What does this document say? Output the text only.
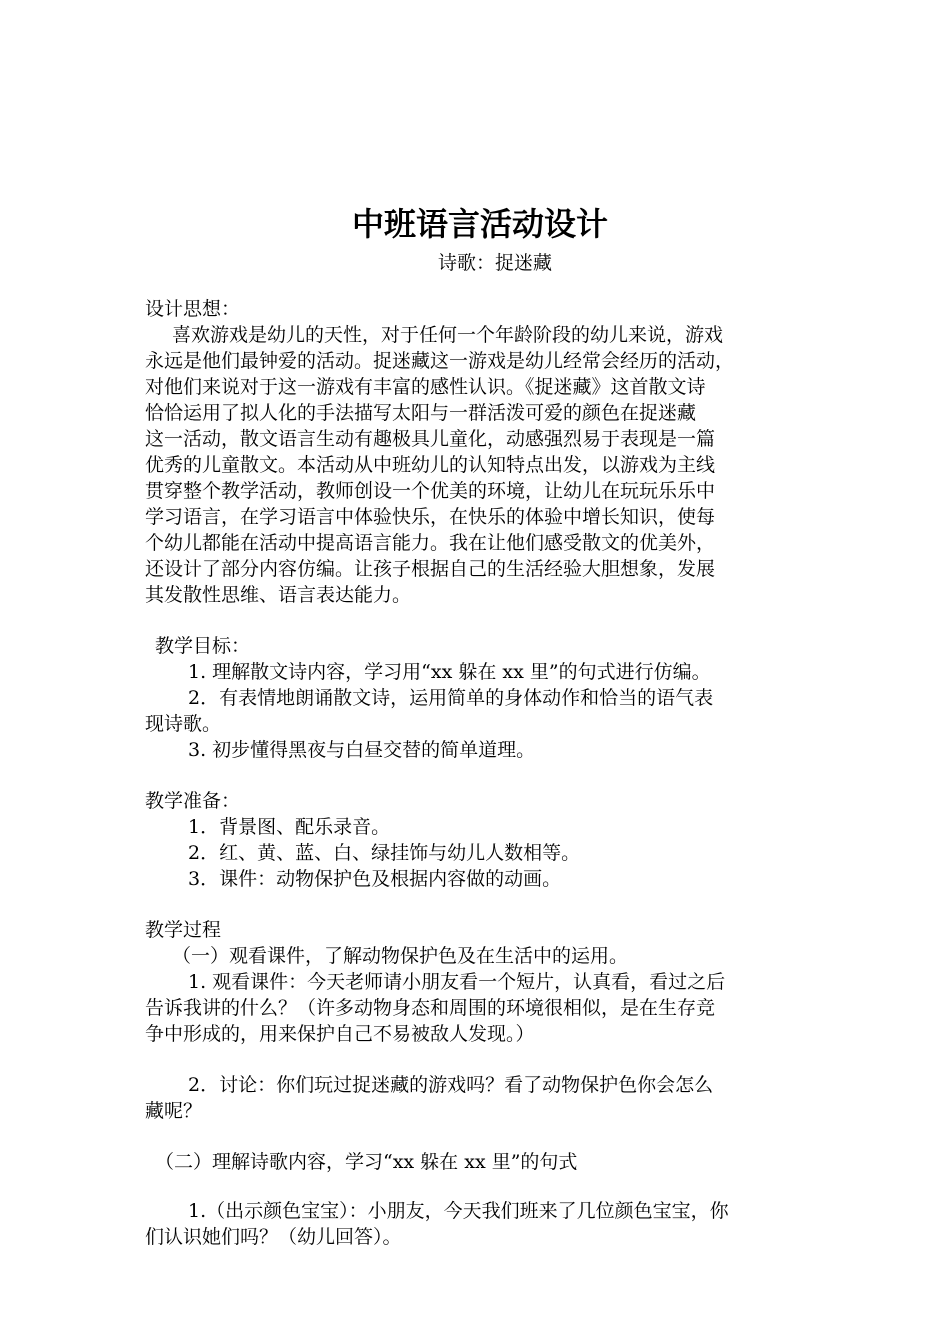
中班语言活动设计
诗歌：捉迷藏
设计思想：
喜欢游戏是幼儿的天性，对于任何一个年龄阶段的幼儿来说，游戏
永远是他们最钟爱的活动。捉迷藏这一游戏是幼儿经常会经历的活动，
对他们来说对于这一游戏有丰富的感性认识。《捉迷藏》这首散文诗
恰恰运用了拟人化的手法描写太阳与一群活泼可爱的颜色在捉迷藏
这一活动，散文语言生动有趣极具儿童化，动感强烈易于表现是一篇
优秀的儿童散文。本活动从中班幼儿的认知特点出发，以游戏为主线
贯穿整个教学活动，教师创设一个优美的环境，让幼儿在玩玩乐乐中
学习语言，在学习语言中体验快乐，在快乐的体验中增长知识，使每
个幼儿都能在活动中提高语言能力。我在让他们感受散文的优美外，
还设计了部分内容仿编。让孩子根据自己的生活经验大胆想象，发展
其发散性思维、语言表达能力。
教学目标：
1. 理解散文诗内容，学习用“xx 躲在 xx 里”的句式进行仿编。
2．有表情地朗诵散文诗，运用简单的身体动作和恰当的语气表
现诗歌。
3. 初步懂得黑夜与白昼交替的简单道理。
教学准备：
1．背景图、配乐录音。
2．红、黄、蓝、白、绿挂饰与幼儿人数相等。
3．课件：动物保护色及根据内容做的动画。
教学过程
（一）观看课件，了解动物保护色及在生活中的运用。
1. 观看课件：今天老师请小朋友看一个短片，认真看，看过之后
告诉我讲的什么？（许多动物身态和周围的环境很相似，是在生存竞
争中形成的，用来保护自己不易被敌人发现。）
2．讨论：你们玩过捉迷藏的游戏吗？看了动物保护色你会怎么
藏呢？
（二）理解诗歌内容，学习“xx 躲在 xx 里”的句式
1.（出示颜色宝宝）：小朋友，今天我们班来了几位颜色宝宝，你
们认识她们吗？（幼儿回答）。
